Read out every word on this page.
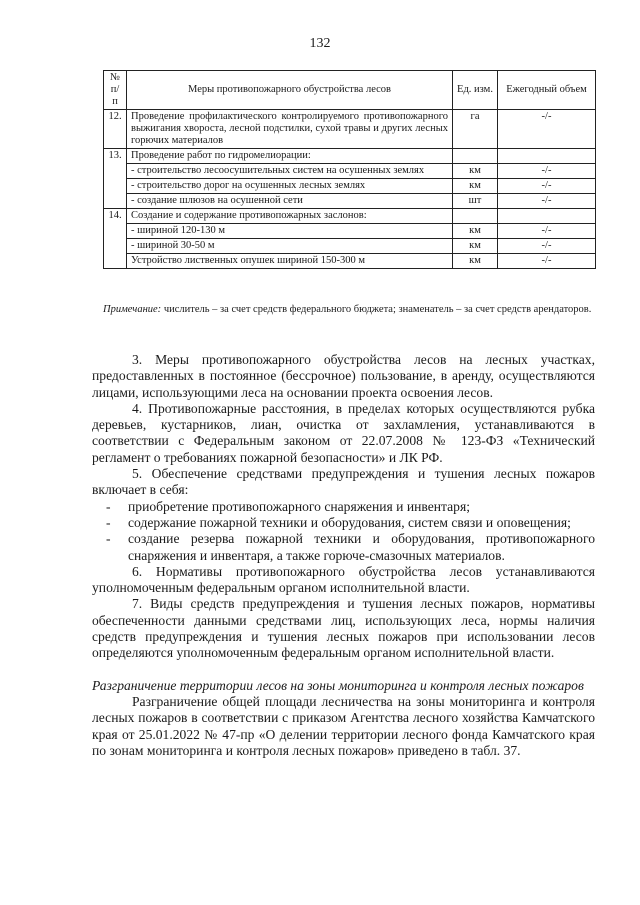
132
№ п/п	Меры противопожарного обустройства лесов	Ед. изм.	Ежегодный объем
12.	Проведение профилактического контролируемого противопожарного выжигания хвороста, лесной подстилки, сухой травы и других лесных горючих материалов	га	-/-
13.	Проведение работ по гидромелиорации:		
	- строительство лесоосушительных систем на осушенных землях	км	-/-
	- строительство дорог на осушенных лесных землях	км	-/-
	- создание шлюзов на осушенной сети	шт	-/-
14.	Создание и содержание противопожарных заслонов:		
	- шириной 120-130 м	км	-/-
	- шириной 30-50 м	км	-/-
	Устройство лиственных опушек шириной 150-300 м	км	-/-
Примечание: числитель – за счет средств федерального бюджета; знаменатель – за счет средств арендаторов.

3. Меры противопожарного обустройства лесов на лесных участках, предоставленных в постоянное (бессрочное) пользование, в аренду, осуществляются лицами, использующими леса на основании проекта освоения лесов.

4. Противопожарные расстояния, в пределах которых осуществляются рубка деревьев, кустарников, лиан, очистка от захламления, устанавливаются в соответствии с Федеральным законом от 22.07.2008 № 123-ФЗ «Технический регламент о требованиях пожарной безопасности» и ЛК РФ.

5. Обеспечение средствами предупреждения и тушения лесных пожаров включает в себя:

- приобретение противопожарного снаряжения и инвентаря;
- содержание пожарной техники и оборудования, систем связи и оповещения;
- создание резерва пожарной техники и оборудования, противопожарного снаряжения и инвентаря, а также горюче-смазочных материалов.

6. Нормативы противопожарного обустройства лесов устанавливаются уполномоченным федеральным органом исполнительной власти.

7. Виды средств предупреждения и тушения лесных пожаров, нормативы обеспеченности данными средствами лиц, использующих леса, нормы наличия средств предупреждения и тушения лесных пожаров при использовании лесов определяются уполномоченным федеральным органом исполнительной власти.

Разграничение территории лесов на зоны мониторинга и контроля лесных пожаров

Разграничение общей площади лесничества на зоны мониторинга и контроля лесных пожаров в соответствии с приказом Агентства лесного хозяйства Камчатского края от 25.01.2022 № 47-пр «О делении территории лесного фонда Камчатского края по зонам мониторинга и контроля лесных пожаров» приведено в табл. 37.
